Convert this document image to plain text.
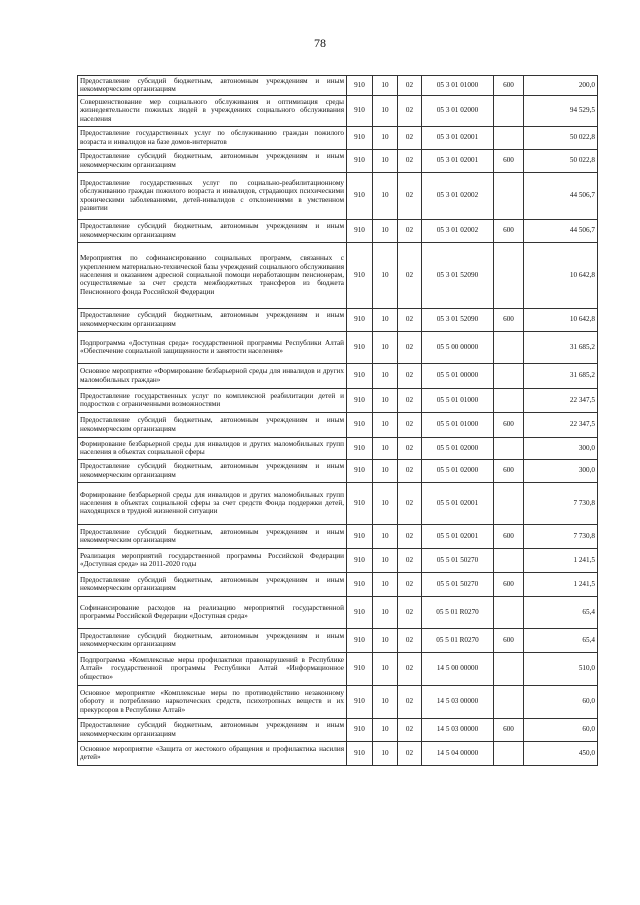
78
Предоставление субсидий бюджетным, автономным учреждениям и иным некоммерческим организациям	910	10	02	05 3 01 01000	600	200,0
Совершенствование мер социального обслуживания и оптимизация среды жизнедеятельности пожилых людей в учреждениях социального обслуживания населения	910	10	02	05 3 01 02000		94 529,5
Предоставление государственных услуг по обслуживанию граждан пожилого возраста и инвалидов на базе домов-интернатов	910	10	02	05 3 01 02001		50 022,8
Предоставление субсидий бюджетным, автономным учреждениям и иным некоммерческим организациям	910	10	02	05 3 01 02001	600	50 022,8
Предоставление государственных услуг по социально-реабилитационному обслуживанию граждан пожилого возраста и инвалидов, страдающих психическими хроническими заболеваниями, детей-инвалидов с отклонениями в умственном развитии	910	10	02	05 3 01 02002		44 506,7
Предоставление субсидий бюджетным, автономным учреждениям и иным некоммерческим организациям	910	10	02	05 3 01 02002	600	44 506,7
Мероприятия по софинансированию социальных программ, связанных с укреплением материально-технической базы учреждений социального обслуживания населения и оказанием адресной социальной помощи неработающим пенсионерам, осуществляемые за счет средств межбюджетных трансферов из бюджета Пенсионного фонда Российской Федерации	910	10	02	05 3 01 52090		10 642,8
Предоставление субсидий бюджетным, автономным учреждениям и иным некоммерческим организациям	910	10	02	05 3 01 52090	600	10 642,8
Подпрограмма «Доступная среда» государственной программы Республики Алтай «Обеспечение социальной защищенности и занятости населения»	910	10	02	05 5 00 00000		31 685,2
Основное мероприятие «Формирование безбарьерной среды для инвалидов и других маломобильных граждан»	910	10	02	05 5 01 00000		31 685,2
Предоставление государственных услуг по комплексной реабилитации детей и подростков с ограниченными возможностями	910	10	02	05 5 01 01000		22 347,5
Предоставление субсидий бюджетным, автономным учреждениям и иным некоммерческим организациям	910	10	02	05 5 01 01000	600	22 347,5
Формирование безбарьерной среды для инвалидов и других маломобильных групп населения в объектах социальной сферы	910	10	02	05 5 01 02000		300,0
Предоставление субсидий бюджетным, автономным учреждениям и иным некоммерческим организациям	910	10	02	05 5 01 02000	600	300,0
Формирование безбарьерной среды для инвалидов и других маломобильных групп населения в объектах социальной сферы за счет средств Фонда поддержки детей, находящихся в трудной жизненной ситуации	910	10	02	05 5 01 02001		7 730,8
Предоставление субсидий бюджетным, автономным учреждениям и иным некоммерческим организациям	910	10	02	05 5 01 02001	600	7 730,8
Реализация мероприятий государственной программы Российской Федерации «Доступная среда» на 2011-2020 годы	910	10	02	05 5 01 50270		1 241,5
Предоставление субсидий бюджетным, автономным учреждениям и иным некоммерческим организациям	910	10	02	05 5 01 50270	600	1 241,5
Софинансирование расходов на реализацию мероприятий государственной программы Российской Федерации «Доступная среда»	910	10	02	05 5 01 R0270		65,4
Предоставление субсидий бюджетным, автономным учреждениям и иным некоммерческим организациям	910	10	02	05 5 01 R0270	600	65,4
Подпрограмма «Комплексные меры профилактики правонарушений в Республике Алтай» государственной программы Республики Алтай «Информационное общество»	910	10	02	14 5 00 00000		510,0
Основное мероприятие «Комплексные меры по противодействию незаконному обороту и потреблению наркотических средств, психотропных веществ и их прекурсоров в Республике Алтай»	910	10	02	14 5 03 00000		60,0
Предоставление субсидий бюджетным, автономным учреждениям и иным некоммерческим организациям	910	10	02	14 5 03 00000	600	60,0
Основное мероприятие «Защита от жестокого обращения и профилактика насилия детей»	910	10	02	14 5 04 00000		450,0
